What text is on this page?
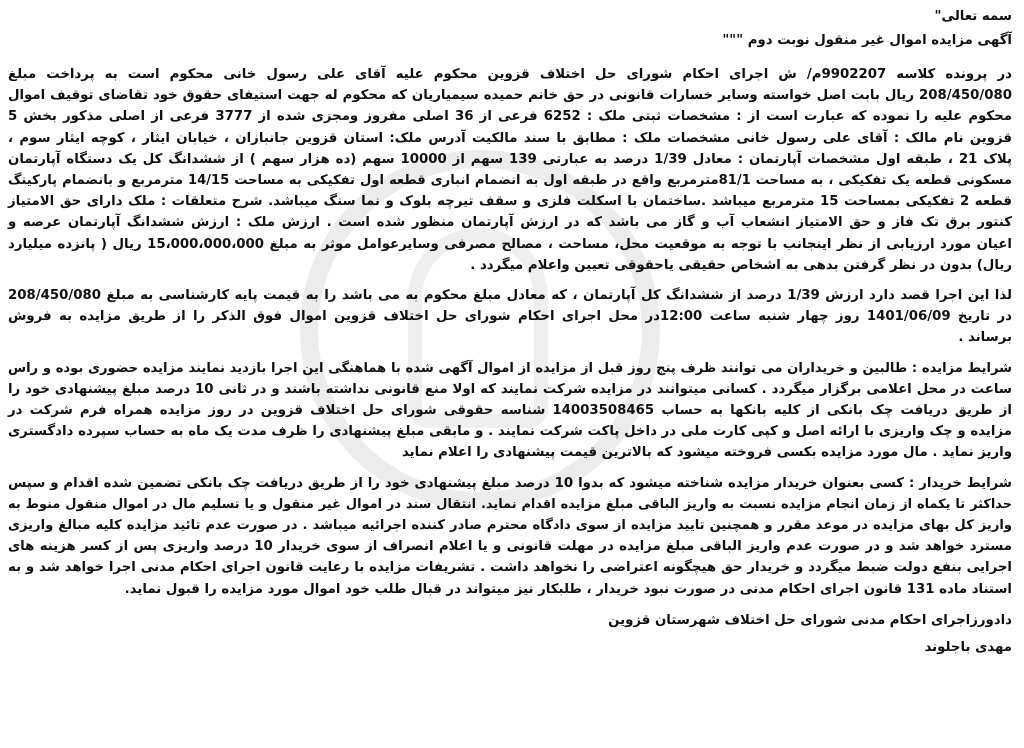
سمه تعالی"
آگهی مزایده اموال غیر منقول نوبت دوم """
در پرونده کلاسه 9902207م/ ش اجرای احکام شورای حل اختلاف قزوین محکوم علیه آقای علی رسول خانی محکوم است به پرداخت مبلغ
208/450/080 ریال بابت اصل خواسته وسایر خسارات قانونی در حق خانم حمیده سیمیاریان که محکوم له جهت استیفای حقوق خود تقاضای توقیف اموال
محکوم علیه را نموده که عبارت است از : مشخصات ثبتی ملک : 6252 فرعی از 36 اصلی مفروز ومجزی شده از 3777 فرعی از اصلی مذکور بخش 5
قزوین نام مالک : آقای علی رسول خانی مشخصات ملک : مطابق با سند مالکیت آدرس ملک: استان قزوین جانبازان ، خیابان ایثار ، کوچه ایثار سوم ،
پلاک 21 ، طبقه اول مشخصات آپارتمان : معادل 1/39 درصد به عبارتی 139 سهم از 10000 سهم (ده هزار سهم ) از ششدانگ کل یک دستگاه آپارتمان
مسکونی قطعه یک تفکیکی ، به مساحت 81/1مترمربع واقع در طبقه اول به انضمام انباری قطعه اول تفکیکی به مساحت 14/15 مترمربع و بانضمام پارکینگ
قطعه 2 تفکیکی بمساحت 15 مترمربع میباشد .ساختمان با اسکلت فلزی و سقف تیرچه بلوک و نما سنگ میباشد. شرح متعلقات : ملک دارای حق الامتیاز
کنتور برق تک فاز و حق الامتیاز انشعاب آب و گاز می باشد که در ارزش آپارتمان منظور شده است . ارزش ملک : ارزش ششدانگ آپارتمان عرصه و
اعیان مورد ارزیابی از نظر اینجانب با توجه به موقعیت محل، مساحت ، مصالح مصرفی وسایرعوامل موثر به مبلغ 15،000،000،000 ریال ( پانزده میلیارد
ریال) بدون در نظر گرفتن بدهی به اشخاص حقیقی یاحقوقی تعیین واعلام میگردد .
لذا این اجرا قصد دارد ارزش 1/39 درصد از ششدانگ کل آپارتمان ، که معادل مبلغ محکوم به می باشد را به قیمت پایه کارشناسی به مبلغ 208/450/080
در تاریخ 1401/06/09 روز چهار شنبه ساعت 12:00در محل اجرای احکام شورای حل اختلاف قزوین اموال فوق الذکر را از طریق مزایده به فروش
برساند .
شرایط مزایده : طالبین و خریداران می توانند ظرف پنج روز قبل از مزایده از اموال آگهی شده با هماهنگی این اجرا بازدید نمایند مزایده حضوری بوده و راس
ساعت در محل اعلامی برگزار میگردد . کسانی میتوانند در مزایده شرکت نمایند که اولا منع قانونی نداشته باشند و در ثانی 10 درصد مبلغ پیشنهادی خود را
از طریق دریافت چک بانکی از کلیه بانکها به حساب 14003508465 شناسه حقوقی شورای حل اختلاف قزوین در روز مزایده همراه فرم شرکت در
مزایده و چک واریزی با ارائه اصل و کپی کارت ملی در داخل پاکت شرکت نمایند . و مابقی مبلغ پیشنهادی را ظرف مدت یک ماه به حساب سپرده دادگستری
واریز نماید . مال مورد مزایده بکسی فروخته میشود که بالاترین قیمت پیشنهادی را اعلام نماید
شرایط خریدار : کسی بعنوان خریدار مزایده شناخته میشود که بدوا 10 درصد مبلغ پیشنهادی خود را از طریق دریافت چک بانکی تضمین شده اقدام و سپس
حداکثر تا یکماه از زمان انجام مزایده نسبت به واریز الباقی مبلغ مزایده اقدام نماید. انتقال سند در اموال غیر منقول و یا تسلیم مال در اموال منقول منوط به
واریز کل بهای مزایده در موعد مقرر و همچنین تایید مزایده از سوی دادگاه محترم صادر کننده اجرائیه میباشد . در صورت عدم تائید مزایده کلیه مبالغ واریزی
مسترد خواهد شد و در صورت عدم واریز الباقی مبلغ مزایده در مهلت قانونی و یا اعلام انصراف از سوی خریدار 10 درصد واریزی پس از کسر هزینه های
اجرایی بنفع دولت ضبط میگردد و خریدار حق هیچگونه اعتراضی را نخواهد داشت . تشریفات مزایده با رعایت قانون اجرای احکام مدنی اجرا خواهد شد و به
استناد ماده 131 قانون اجرای احکام مدنی در صورت نبود خریدار ، طلبکار نیز میتواند در قبال طلب خود اموال مورد مزایده را قبول نماید.
دادورزاجرای احکام مدنی شورای حل اختلاف شهرستان قزوین
مهدی باجلوند
